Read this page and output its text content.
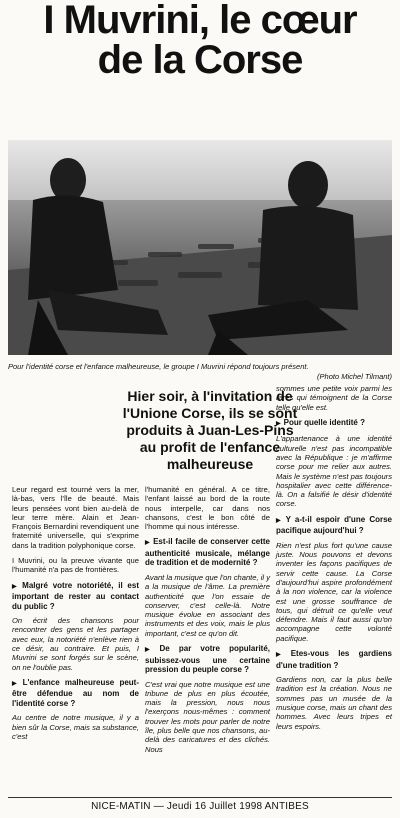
I Muvrini, le cœur
de la Corse
Pour l'identité corse et l'enfance malheureuse, le groupe I Muvrini répond toujours présent.
(Photo Michel Tilmant)
Hier soir, à l'invitation de l'Unione Corse, ils se sont produits à Juan-Les-Pins au profit de l'enfance malheureuse

Leur regard est tourné vers la mer, là-bas, vers l'île de beauté. Mais leurs pensées vont bien au-delà de leur terre mère. Alain et Jean-François Bernardini revendiquent une fraternité universelle, qui s'exprime dans la tradition polyphonique corse.

I Muvrini, ou la preuve vivante que l'humanité n'a pas de frontières.

▶ Malgré votre notoriété, il est important de rester au contact du public ?

On écrit des chansons pour rencontrer des gens et les partager avec eux, la notoriété n'enlève rien à ce désir, au contraire. Et puis, I Muvrini se sont forgés sur le scène, on ne l'oublie pas.

▶ L'enfance malheureuse peut-être défendue au nom de l'identité corse ?

Au centre de notre musique, il y a bien sûr la Corse, mais sa substance, c'est

l'humanité en général. A ce titre, l'enfant laissé au bord de la route nous interpelle, car dans nos chansons, c'est le bon côté de l'homme qui nous intéresse.

▶ Est-il facile de conserver cette authenticité musicale, mélange de tradition et de modernité ?

Avant la musique que l'on chante, il y a la musique de l'âme. La première authenticité que l'on essaie de conserver, c'est celle-là. Notre musique évolue en associant des instruments et des voix, mais le plus important, c'est ce qu'on dit.

▶ De par votre popularité, subissez-vous une certaine pression du peuple corse ?

C'est vrai que notre musique est une tribune de plus en plus écoutée, mais la pression, nous nous l'exerçons nous-mêmes : comment trouver les mots pour parler de notre île, plus belle que nos chansons, au-delà des caricatures et des clichés. Nous

sommes une petite voix parmi les rares qui témoignent de la Corse telle qu'elle est.

▶ Pour quelle identité ?

L'appartenance à une identité culturelle n'est pas incompatible avec la République : je m'affirme corse pour me relier aux autres. Mais le système n'est pas toujours hospitalier avec cette différence-là. On a falsifié le désir d'identité corse.

▶ Y a-t-il espoir d'une Corse pacifique aujourd'hui ?

Rien n'est plus fort qu'une cause juste. Nous pouvons et devons inventer les façons pacifiques de servir cette cause. La Corse d'aujourd'hui aspire profondément à la non violence, car la violence est une grosse souffrance de tous, qui détruit ce qu'elle veut défendre. Mais il faut aussi qu'on accompagne cette volonté pacifique.

▶ Etes-vous les gardiens d'une tradition ?

Gardiens non, car la plus belle tradition est la création. Nous ne sommes pas un musée de la musique corse, mais un chant des hommes. Avec leurs tripes et leurs espoirs.

NICE-MATIN — Jeudi 16 Juillet 1998 ANTIBES
